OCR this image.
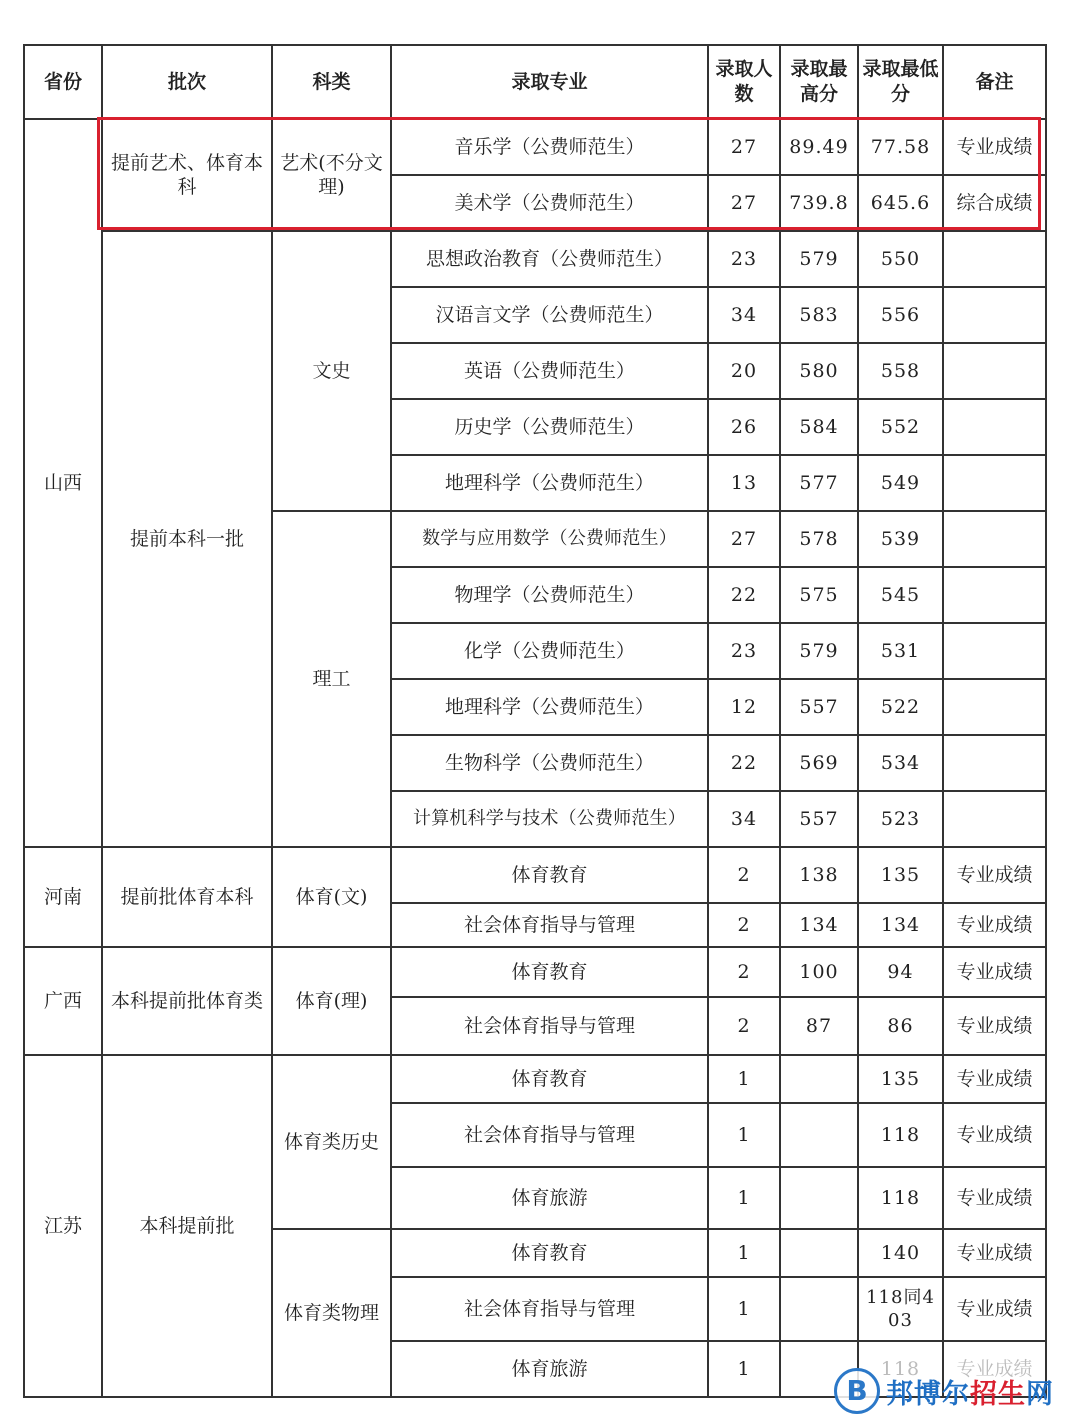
省份	批次	科类	录取专业	录取人数	录取最高分	录取最低分	备注
山西	提前艺术、体育本科	艺术(不分文理)	音乐学（公费师范生）	27	89.49	77.58	专业成绩
			美术学（公费师范生）	27	739.8	645.6	综合成绩
	提前本科一批	文史	思想政治教育（公费师范生）	23	579	550	
			汉语言文学（公费师范生）	34	583	556	
			英语（公费师范生）	20	580	558	
			历史学（公费师范生）	26	584	552	
			地理科学（公费师范生）	13	577	549	
		理工	数学与应用数学（公费师范生）	27	578	539	
			物理学（公费师范生）	22	575	545	
			化学（公费师范生）	23	579	531	
			地理科学（公费师范生）	12	557	522	
			生物科学（公费师范生）	22	569	534	
			计算机科学与技术（公费师范生）	34	557	523	
河南	提前批体育本科	体育(文)	体育教育	2	138	135	专业成绩
			社会体育指导与管理	2	134	134	专业成绩
广西	本科提前批体育类	体育(理)	体育教育	2	100	94	专业成绩
			社会体育指导与管理	2	87	86	专业成绩
江苏	本科提前批	体育类历史	体育教育	1		135	专业成绩
			社会体育指导与管理	1		118	专业成绩
			体育旅游	1		118	专业成绩
		体育类物理	体育教育	1		140	专业成绩
			社会体育指导与管理	1		118同403	专业成绩
			体育旅游	1		118	专业成绩
B 邦博尔招生网
